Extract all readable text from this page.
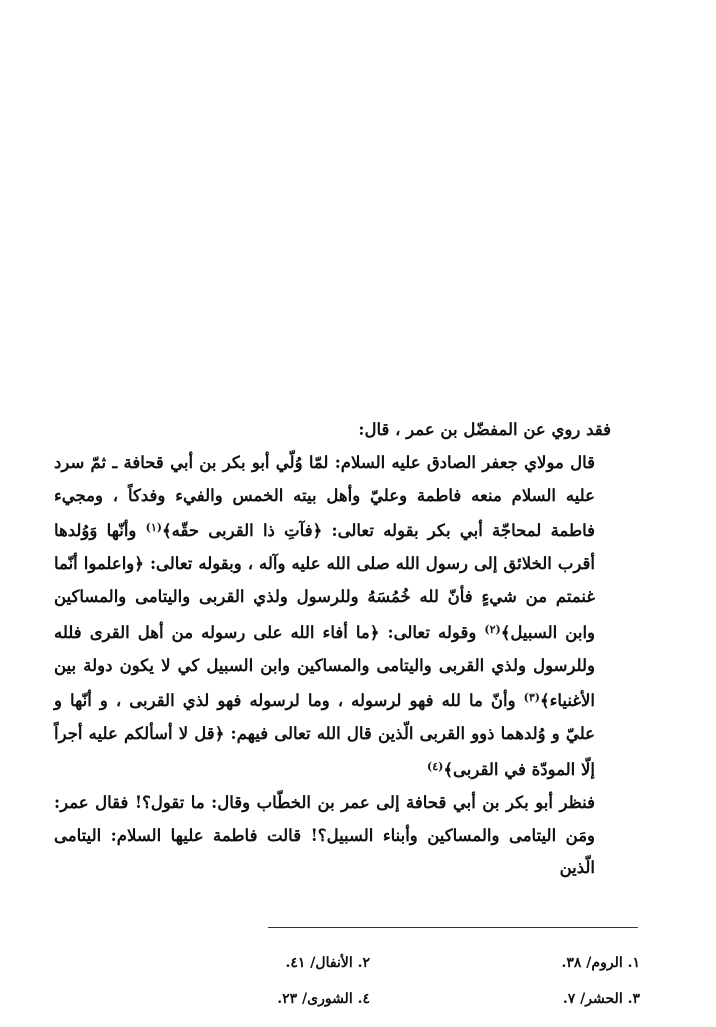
فقد روي عن المفضّل بن عمر ، قال:

قال مولاي جعفر الصادق عليه السلام: لمّا وُلّي أبو بكر بن أبي قحافة ـ ثمّ سرد عليه السلام منعه فاطمة وعليّ وأهل بيته الخمس والفيء وفدكاً ، ومجيء فاطمة لمحاجّة أبي بكر بقوله تعالى: ﴿فآتِ ذا القربى حقّه﴾$^{(١)}$ وأنّها وَوُلدها أقرب الخلائق إلى رسول الله صلى الله عليه وآله ، وبقوله تعالى: ﴿واعلموا أنّما غنمتم من شيءٍ فأنّ لله خُمُسَهُ وللرسول ولذي القربى واليتامى والمساكين وابن السبيل﴾$^{(٢)}$ وقوله تعالى: ﴿ما أفاء الله على رسوله من أهل القرى فلله وللرسول ولذي القربى واليتامى والمساكين وابن السبيل كي لا يكون دولة بين الأغنياء﴾$^{(٣)}$ وأنّ ما لله فهو لرسوله ، وما لرسوله فهو لذي القربى ، و أنّها و عليّ و وُلدهما ذوو القربى الّذين قال الله تعالى فيهم: ﴿قل لا أسألكم عليه أجراً إلّا المودّة في القربى﴾$^{(٤)}$

فنظر أبو بكر بن أبي قحافة إلى عمر بن الخطّاب وقال: ما تقول؟! فقال عمر: ومَن اليتامى والمساكين وأبناء السبيل؟! قالت فاطمة عليها السلام: اليتامى الّذين

١. الروم/ ٣٨.
٢. الأنفال/ ٤١.
٣. الحشر/ ٧.
٤. الشورى/ ٢٣.
